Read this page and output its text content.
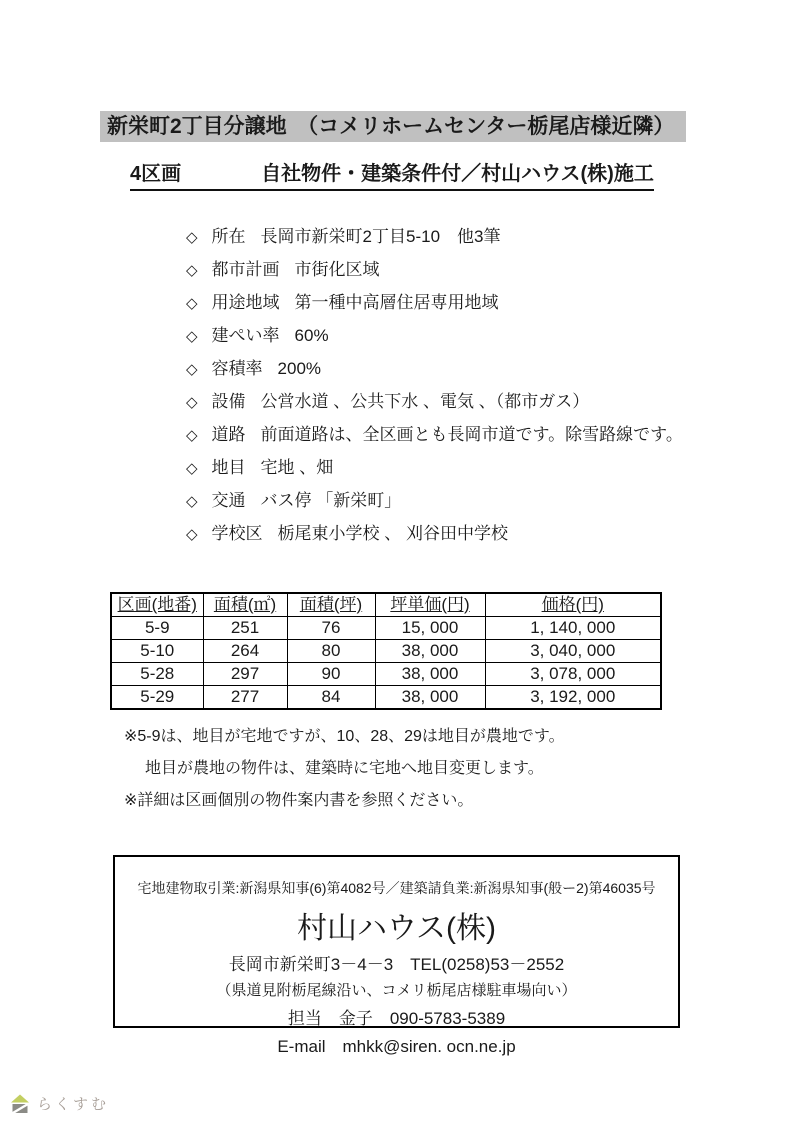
新栄町2丁目分譲地　（コメリホームセンター栃尾店様近隣）
4区画	自社物件・建築条件付／村山ハウス(株)施工
◇ 所在 長岡市新栄町2丁目5-10　他3筆
◇ 都市計画 市街化区域
◇ 用途地域 第一種中高層住居専用地域
◇ 建ぺい率 60%
◇ 容積率 200%
◇ 設備 公営水道 、公共下水 、電気 、（都市ガス）
◇ 道路 前面道路は、全区画とも長岡市道です。除雪路線です。
◇ 地目 宅地 、畑
◇ 交通 バス停 「新栄町」
◇ 学校区 栃尾東小学校 、 刈谷田中学校
区画(地番)	面積(㎡)	面積(坪)	坪単価(円)	価格(円)
5-9	251	76	15, 000	1, 140, 000
5-10	264	80	38, 000	3, 040, 000
5-28	297	90	38, 000	3, 078, 000
5-29	277	84	38, 000	3, 192, 000

※5-9は、地目が宅地ですが、10、28、29は地目が農地です。

地目が農地の物件は、建築時に宅地へ地目変更します。

※詳細は区画個別の物件案内書を参照ください。

宅地建物取引業:新潟県知事(6)第4082号／建築請負業:新潟県知事(般ー2)第46035号
村山ハウス(株)
長岡市新栄町3－4－3　TEL(0258)53－2552
（県道見附栃尾線沿い、コメリ栃尾店様駐車場向い）
担当　金子　090-5783-5389
E-mail　mhkk@siren. ocn.ne.jp
らくすむ
